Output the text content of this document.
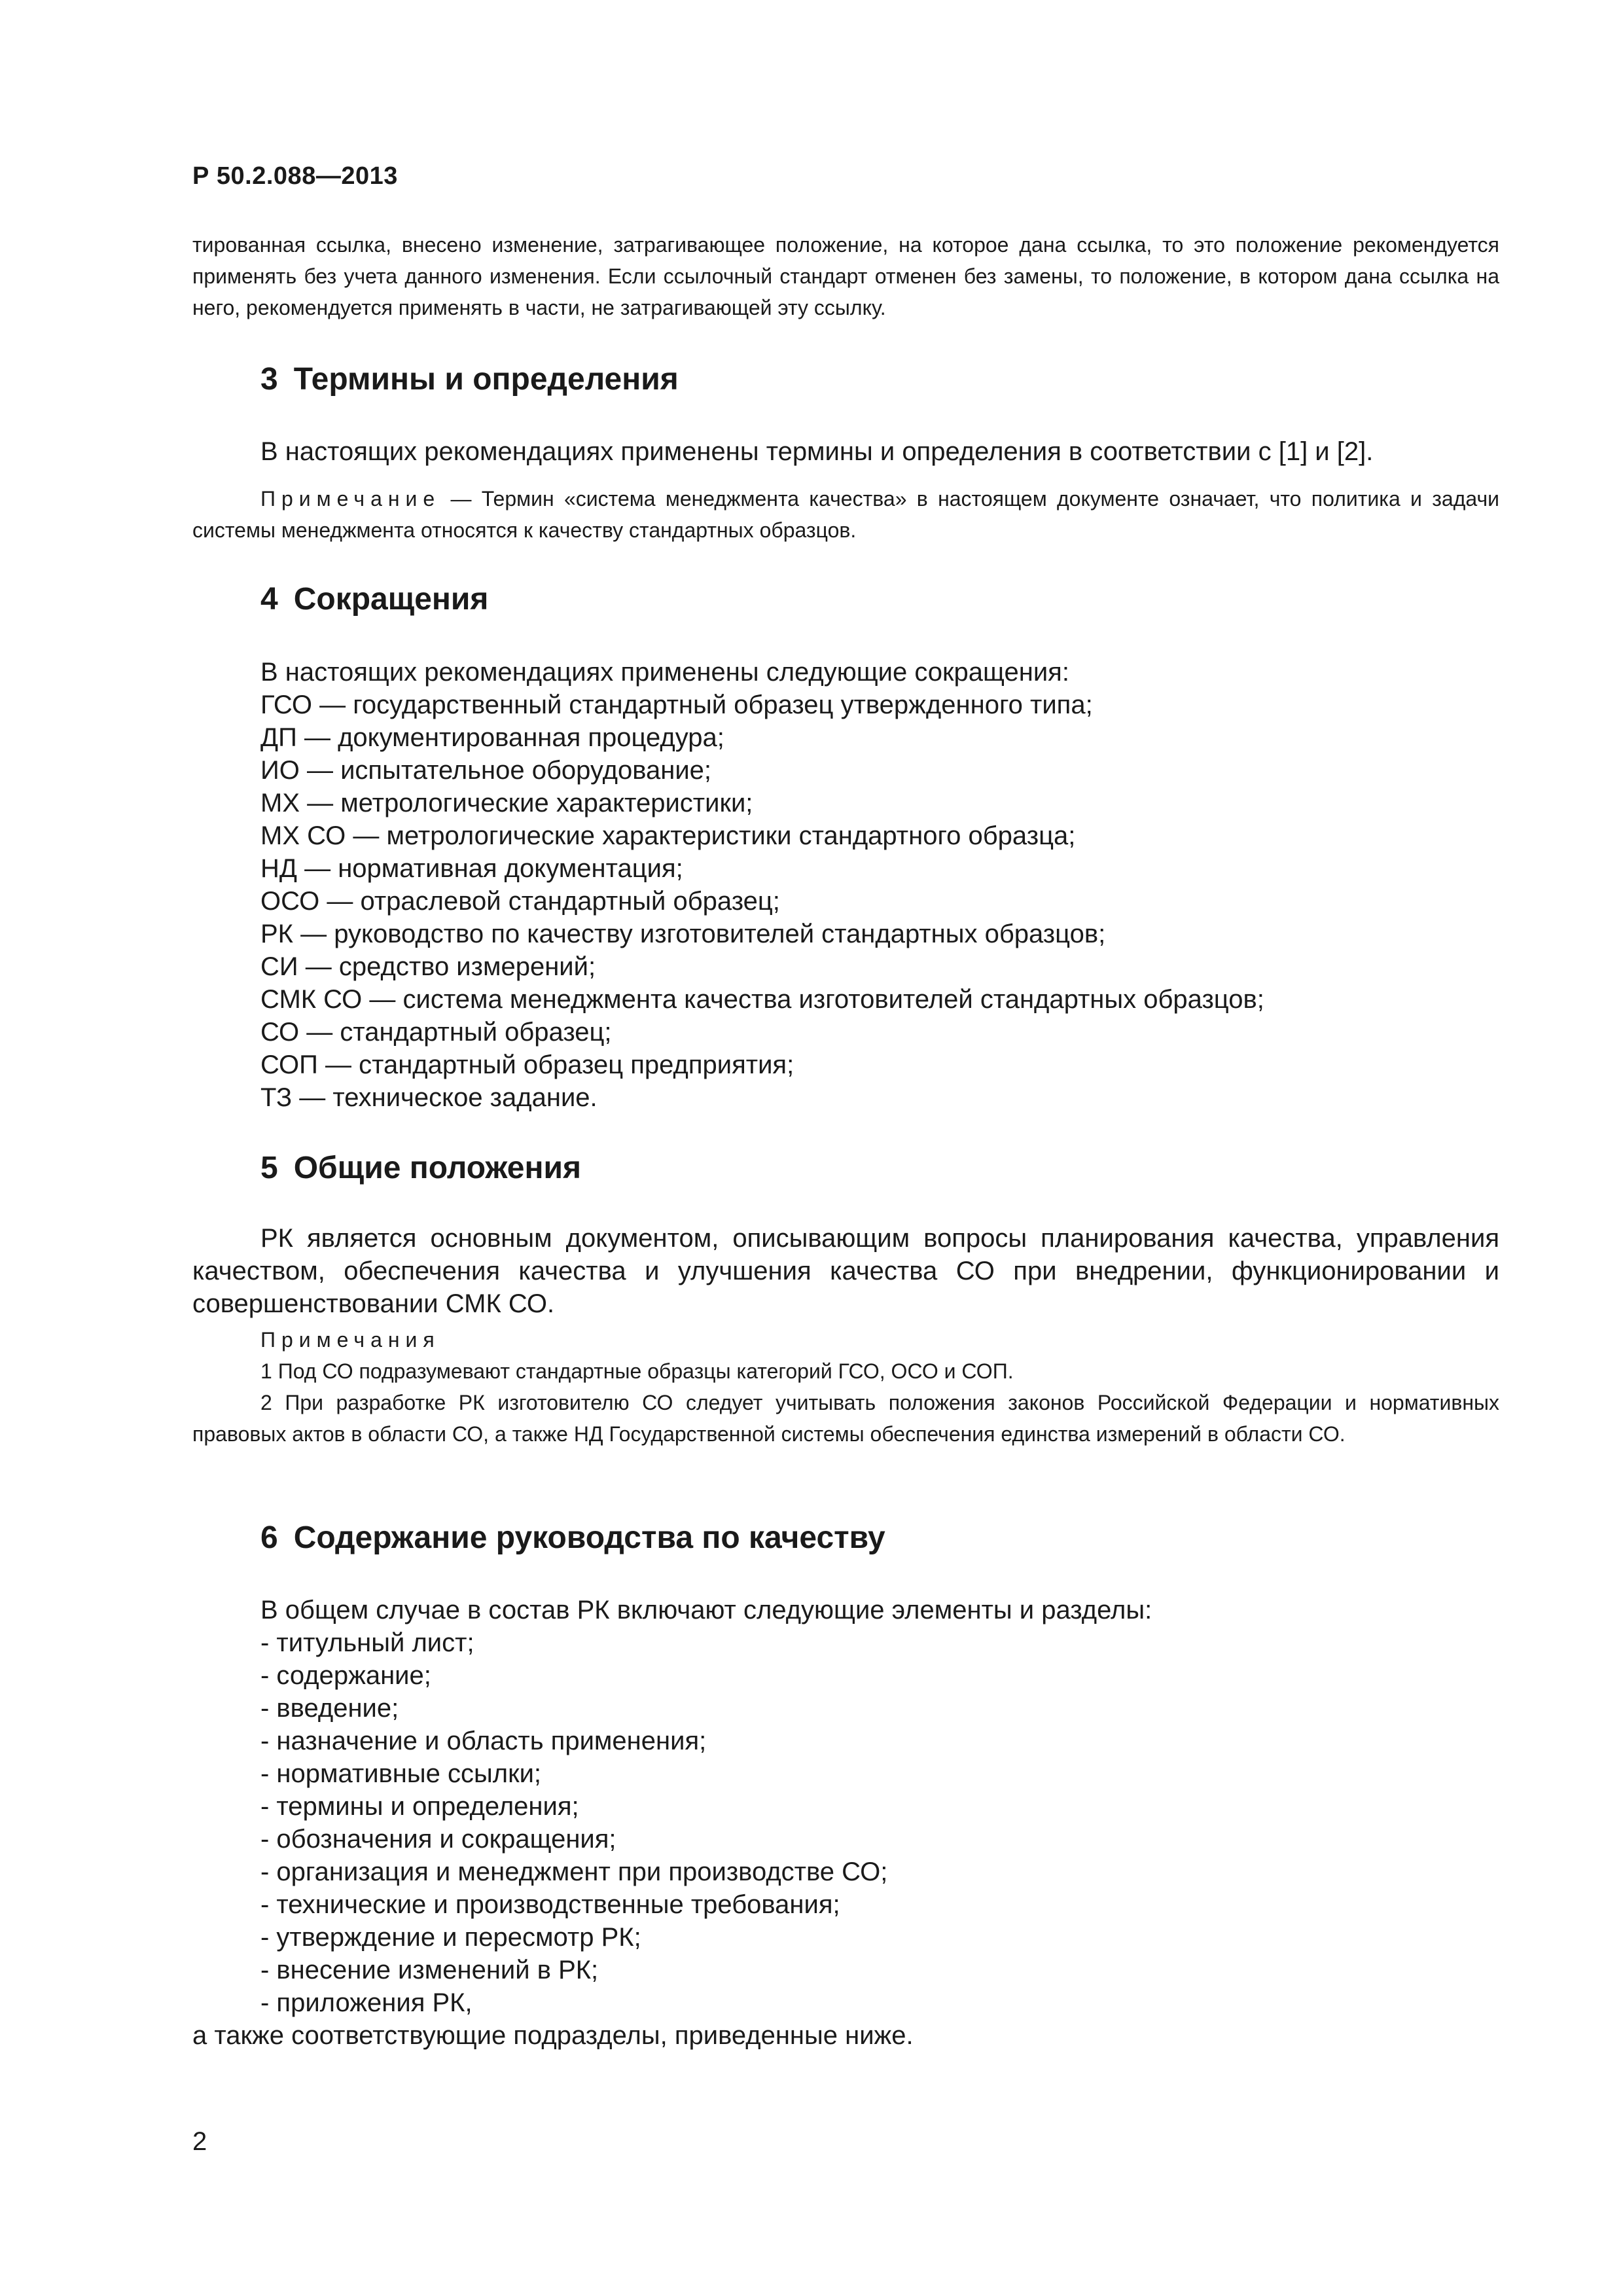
Р 50.2.088—2013

тированная ссылка, внесено изменение, затрагивающее положение, на которое дана ссылка, то это положение рекомендуется применять без учета данного изменения. Если ссылочный стандарт отменен без замены, то положение, в котором дана ссылка на него, рекомендуется применять в части, не затрагивающей эту ссылку.

3 Термины и определения

В настоящих рекомендациях применены термины и определения в соответствии с [1] и [2].

Примечание — Термин «система менеджмента качества» в настоящем документе означает, что политика и задачи системы менеджмента относятся к качеству стандартных образцов.

4 Сокращения

В настоящих рекомендациях применены следующие сокращения:

ГСО — государственный стандартный образец утвержденного типа;

ДП — документированная процедура;

ИО — испытательное оборудование;

МХ — метрологические характеристики;

МХ СО — метрологические характеристики стандартного образца;

НД — нормативная документация;

ОСО — отраслевой стандартный образец;

РК — руководство по качеству изготовителей стандартных образцов;

СИ — средство измерений;

СМК СО — система менеджмента качества изготовителей стандартных образцов;

СО — стандартный образец;

СОП — стандартный образец предприятия;

ТЗ — техническое задание.

5 Общие положения

РК является основным документом, описывающим вопросы планирования качества, управления качеством, обеспечения качества и улучшения качества СО при внедрении, функционировании и совершенствовании СМК СО.

Примечания

1 Под СО подразумевают стандартные образцы категорий ГСО, ОСО и СОП.

2 При разработке РК изготовителю СО следует учитывать положения законов Российской Федерации и нормативных правовых актов в области СО, а также НД Государственной системы обеспечения единства измерений в области СО.

6 Содержание руководства по качеству

В общем случае в состав РК включают следующие элементы и разделы:

- титульный лист;

- содержание;

- введение;

- назначение и область применения;

- нормативные ссылки;

- термины и определения;

- обозначения и сокращения;

- организация и менеджмент при производстве СО;

- технические и производственные требования;

- утверждение и пересмотр РК;

- внесение изменений в РК;

- приложения РК,

а также соответствующие подразделы, приведенные ниже.

2
